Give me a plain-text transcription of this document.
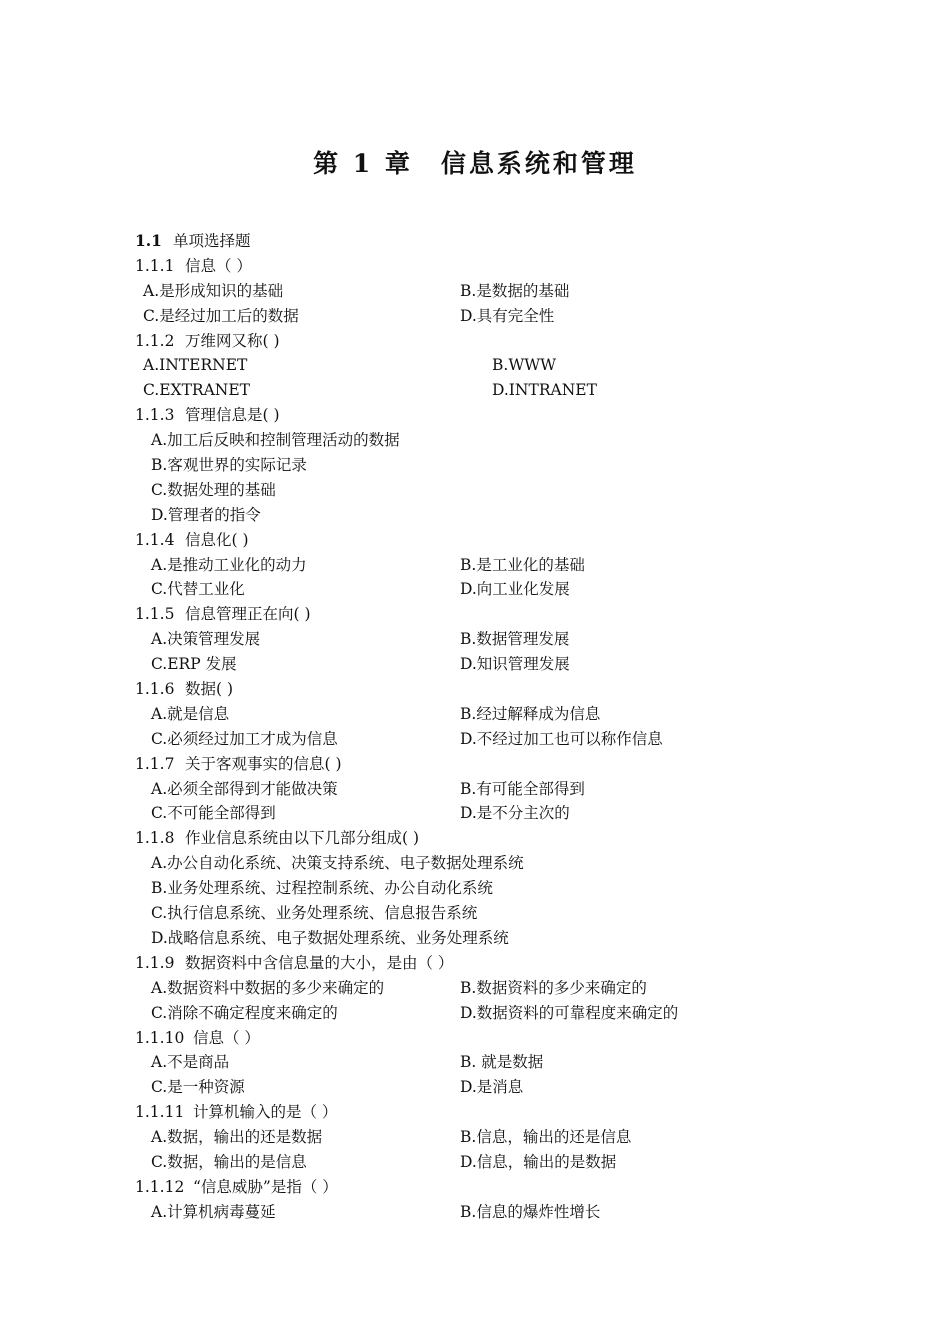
第 1 章 信息系统和管理
1.1 单项选择题
1.1.1 信息（ ）
A.是形成知识的基础	B.是数据的基础
C.是经过加工后的数据	D.具有完全性
1.1.2 万维网又称( )
A.INTERNET	B.WWW
C.EXTRANET	D.INTRANET
1.1.3 管理信息是( )
A.加工后反映和控制管理活动的数据
B.客观世界的实际记录
C.数据处理的基础
D.管理者的指令
1.1.4 信息化( )
A.是推动工业化的动力	B.是工业化的基础
C.代替工业化	D.向工业化发展
1.1.5 信息管理正在向( )
A.决策管理发展	B.数据管理发展
C.ERP 发展	D.知识管理发展
1.1.6 数据( )
A.就是信息	B.经过解释成为信息
C.必须经过加工才成为信息	D.不经过加工也可以称作信息
1.1.7 关于客观事实的信息( )
A.必须全部得到才能做决策	B.有可能全部得到
C.不可能全部得到	D.是不分主次的
1.1.8 作业信息系统由以下几部分组成( )
A.办公自动化系统、决策支持系统、电子数据处理系统
B.业务处理系统、过程控制系统、办公自动化系统
C.执行信息系统、业务处理系统、信息报告系统
D.战略信息系统、电子数据处理系统、业务处理系统
1.1.9 数据资料中含信息量的大小，是由（ ）
A.数据资料中数据的多少来确定的	B.数据资料的多少来确定的
C.消除不确定程度来确定的	D.数据资料的可靠程度来确定的
1.1.10 信息（ ）
A.不是商品	B. 就是数据
C.是一种资源	D.是消息
1.1.11 计算机输入的是（ ）
A.数据，输出的还是数据	B.信息，输出的还是信息
C.数据，输出的是信息	D.信息，输出的是数据
1.1.12 “信息威胁”是指（ ）
A.计算机病毒蔓延	B.信息的爆炸性增长
